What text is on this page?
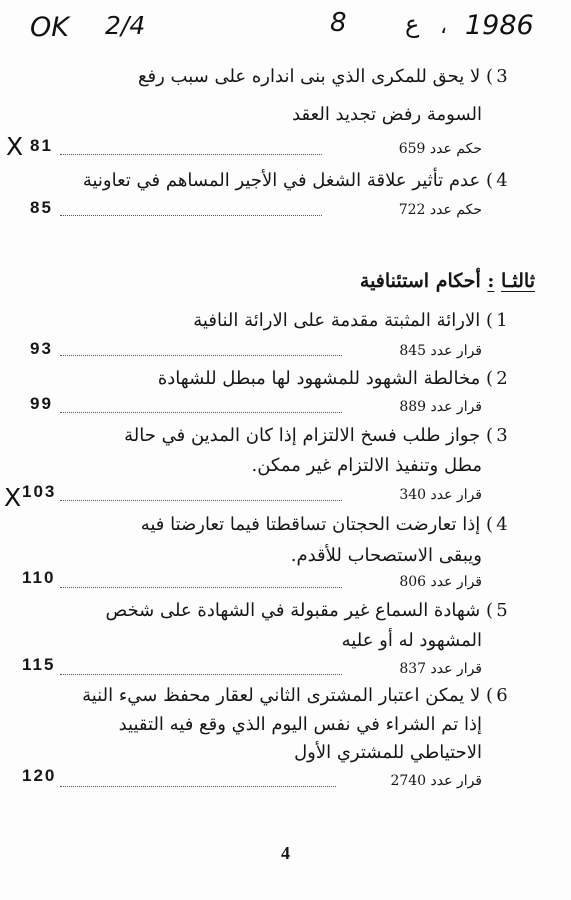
OK 2/4	8 ع ، 1986
3) لا يحق للمكرى الذي بنى انداره على سبب رفع
السومة رفض تجديد العقد
حكم عدد 659
X 81
4) عدم تأثير علاقة الشغل في الأجير المساهم في تعاونية
حكم عدد 722
85
ثالثـا : أحكام استئنافية
1) الارائة المثبتة مقدمة على الارائة النافية
قرار عدد 845
93
2) مخالطة الشهود للمشهود لها مبطل للشهادة
قرار عدد 889
99
3) جواز طلب فسخ الالتزام إذا كان المدين في حالة
مطل وتنفيذ الالتزام غير ممكن.
قرار عدد 340
X 103
4) إذا تعارضت الحجتان تساقطتا فيما تعارضتا فيه
ويبقى الاستصحاب للأقدم.
قرار عدد 806
110
5) شهادة السماع غير مقبولة في الشهادة على شخص
المشهود له أو عليه
قرار عدد 837
115
6) لا يمكن اعتبار المشترى الثاني لعقار محفظ سيء النية
إذا تم الشراء في نفس اليوم الذي وقع فيه التقييد
الاحتياطي للمشتري الأول
قرار عدد 2740
120
4
